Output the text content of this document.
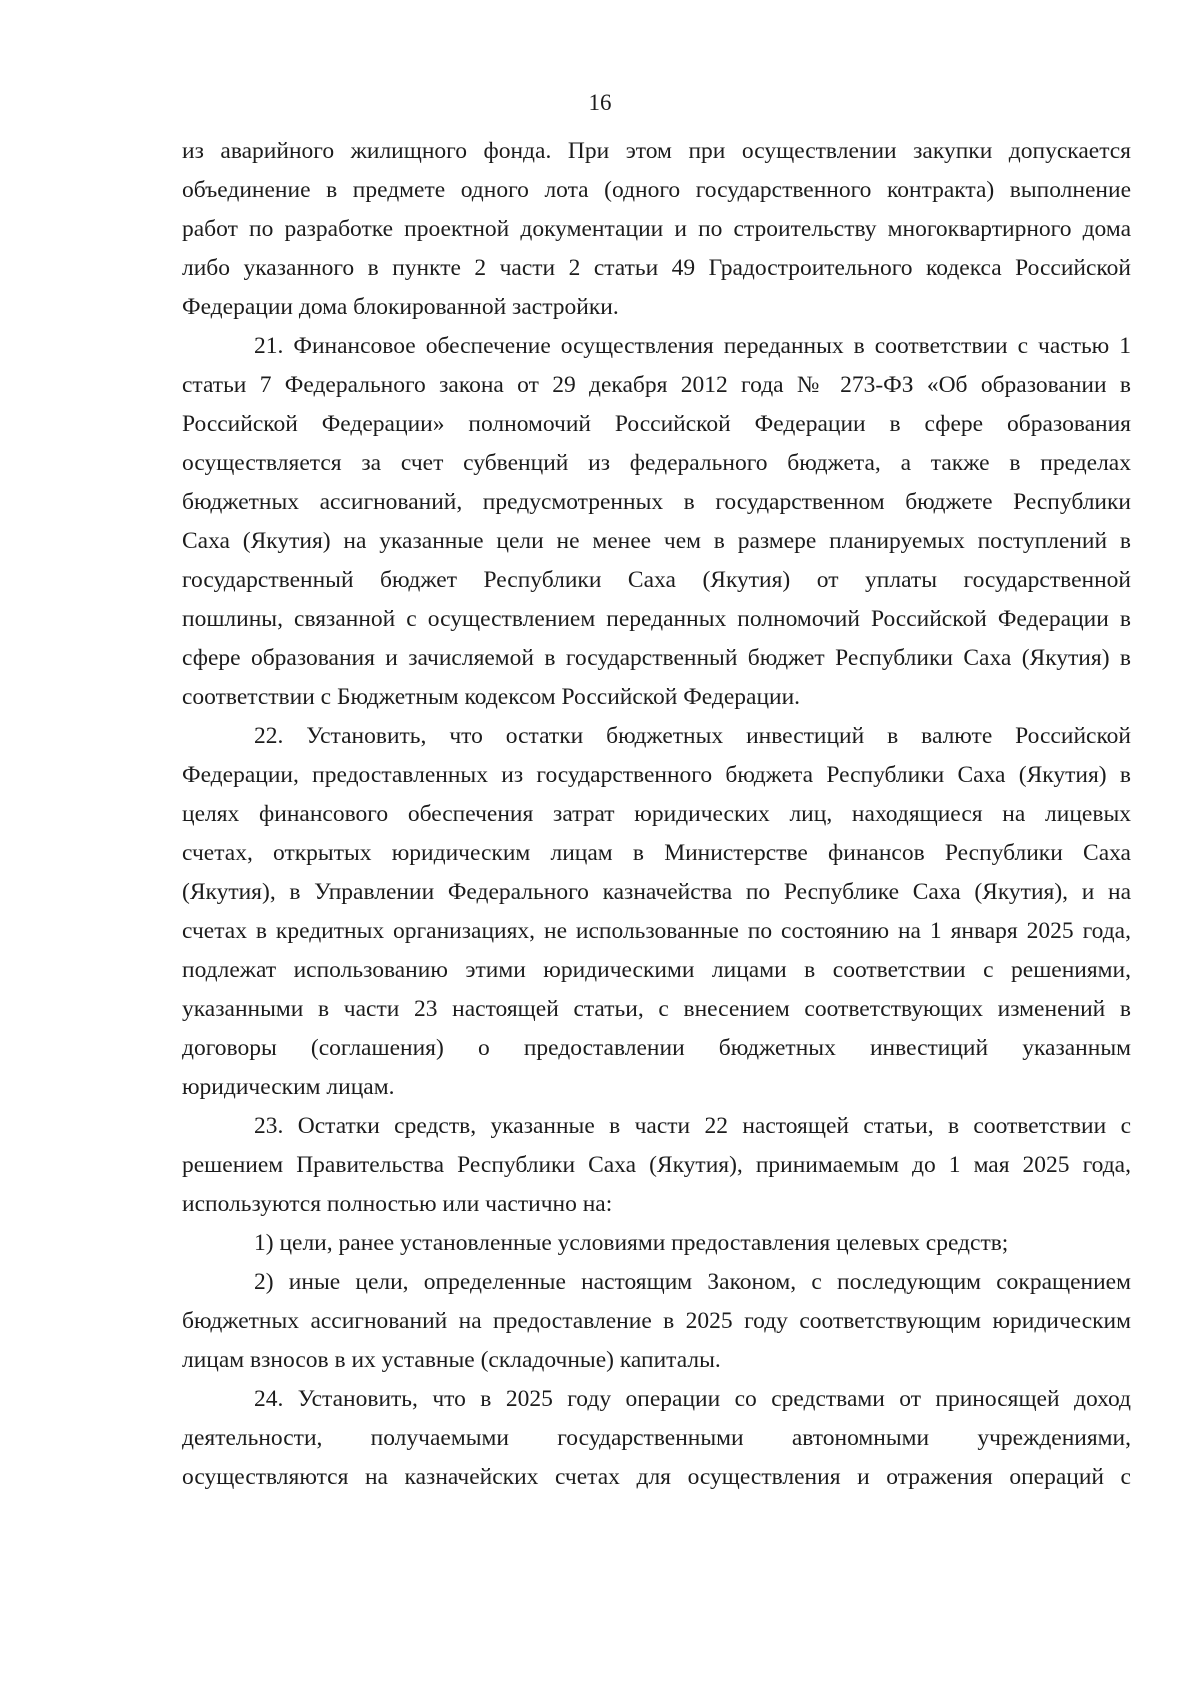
16
из аварийного жилищного фонда. При этом при осуществлении закупки допускается
объединение в предмете одного лота (одного государственного контракта) выполнение
работ по разработке проектной документации и по строительству многоквартирного дома
либо указанного в пункте 2 части 2 статьи 49 Градостроительного кодекса Российской
Федерации дома блокированной застройки.
21. Финансовое обеспечение осуществления переданных в соответствии с частью 1
статьи 7 Федерального закона от 29 декабря 2012 года № 273-ФЗ «Об образовании в
Российской Федерации» полномочий Российской Федерации в сфере образования
осуществляется за счет субвенций из федерального бюджета, а также в пределах
бюджетных ассигнований, предусмотренных в государственном бюджете Республики
Саха (Якутия) на указанные цели не менее чем в размере планируемых поступлений в
государственный бюджет Республики Саха (Якутия) от уплаты государственной
пошлины, связанной с осуществлением переданных полномочий Российской Федерации в
сфере образования и зачисляемой в государственный бюджет Республики Саха (Якутия) в
соответствии с Бюджетным кодексом Российской Федерации.
22. Установить, что остатки бюджетных инвестиций в валюте Российской
Федерации, предоставленных из государственного бюджета Республики Саха (Якутия) в
целях финансового обеспечения затрат юридических лиц, находящиеся на лицевых
счетах, открытых юридическим лицам в Министерстве финансов Республики Саха
(Якутия), в Управлении Федерального казначейства по Республике Саха (Якутия), и на
счетах в кредитных организациях, не использованные по состоянию на 1 января 2025 года,
подлежат использованию этими юридическими лицами в соответствии с решениями,
указанными в части 23 настоящей статьи, с внесением соответствующих изменений в
договоры (соглашения) о предоставлении бюджетных инвестиций указанным
юридическим лицам.
23. Остатки средств, указанные в части 22 настоящей статьи, в соответствии с
решением Правительства Республики Саха (Якутия), принимаемым до 1 мая 2025 года,
используются полностью или частично на:
1) цели, ранее установленные условиями предоставления целевых средств;
2) иные цели, определенные настоящим Законом, с последующим сокращением
бюджетных ассигнований на предоставление в 2025 году соответствующим юридическим
лицам взносов в их уставные (складочные) капиталы.
24. Установить, что в 2025 году операции со средствами от приносящей доход
деятельности, получаемыми государственными автономными учреждениями,
осуществляются на казначейских счетах для осуществления и отражения операций с
